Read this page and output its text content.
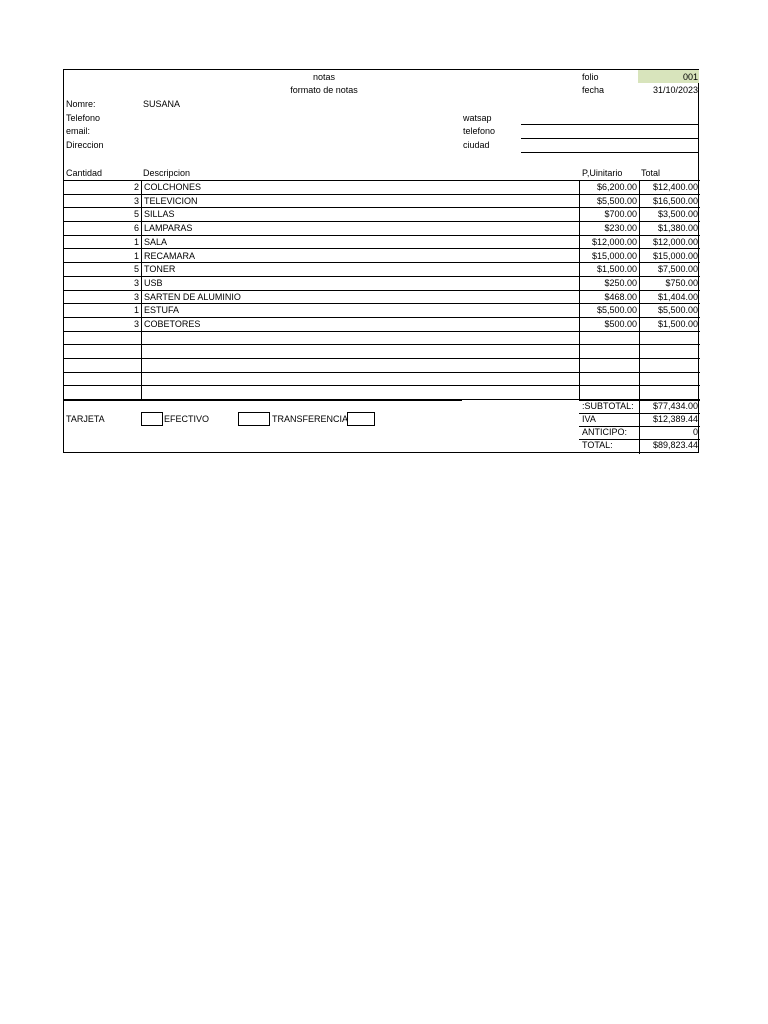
notas
formato de notas
folio	001
fecha	31/10/2023
Nomre:	SUSANA
Telefono
email:
Direccion
watsap
telefono
ciudad
Cantidad	Descripcion	P,Uinitario Total
2 COLCHONES	$6,200.00	$12,400.00
3 TELEVICION	$5,500.00	$16,500.00
5 SILLAS	$700.00	$3,500.00
6 LAMPARAS	$230.00	$1,380.00
1 SALA	$12,000.00	$12,000.00
1 RECAMARA	$15,000.00	$15,000.00
5 TONER	$1,500.00	$7,500.00
3 USB	$250.00	$750.00
3 SARTEN DE ALUMINIO	$468.00	$1,404.00
1 ESTUFA	$5,500.00	$5,500.00
3 COBETORES	$500.00	$1,500.00
TARJETA	EFECTIVO	TRANSFERENCIA
:SUBTOTAL:	$77,434.00
IVA	$12,389.44
ANTICIPO:	0
TOTAL:	$89,823.44
